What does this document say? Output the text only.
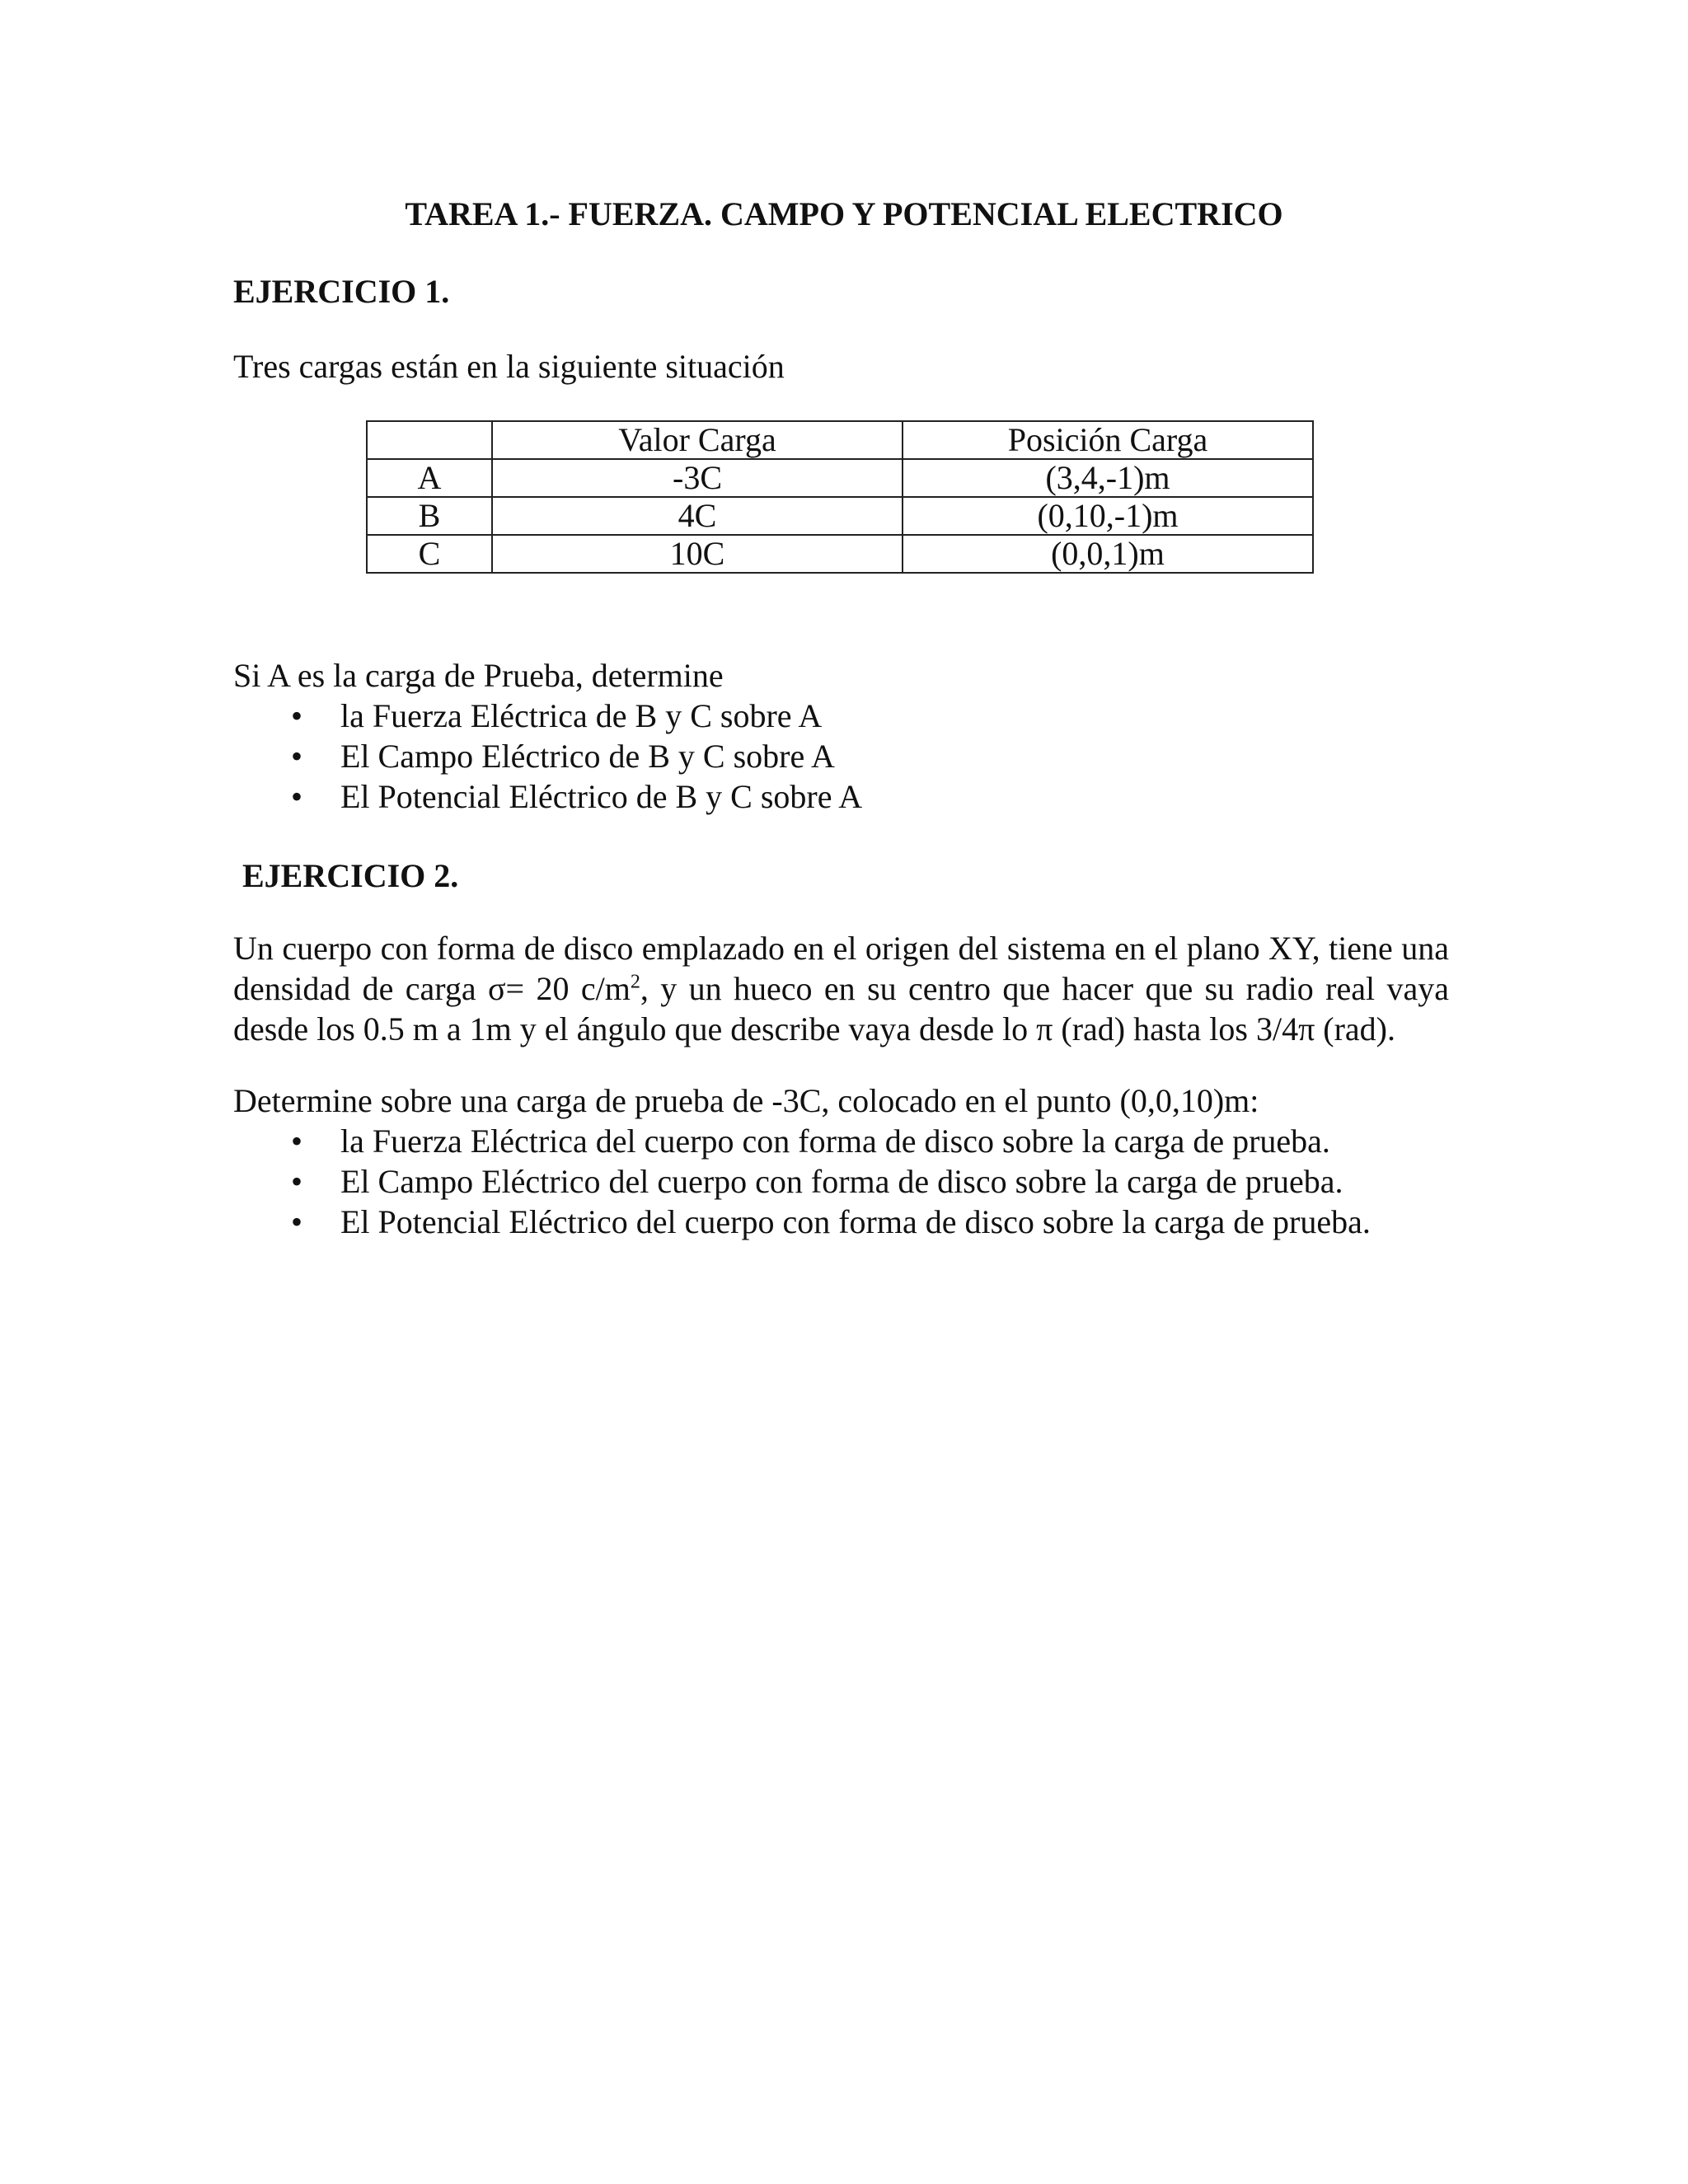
TAREA 1.- FUERZA. CAMPO Y POTENCIAL ELECTRICO
EJERCICIO 1.
Tres cargas están en la siguiente situación
	Valor Carga	Posición Carga
A	-3C	(3,4,-1)m
B	4C	(0,10,-1)m
C	10C	(0,0,1)m
Si A es la carga de Prueba, determine
• la Fuerza Eléctrica de B y C sobre A
• El Campo Eléctrico de B y C sobre A
• El Potencial Eléctrico de B y C sobre A
EJERCICIO 2.
Un cuerpo con forma de disco emplazado en el origen del sistema en el plano XY, tiene una
densidad de carga σ= 20 $c/m^2$, y un hueco en su centro que hacer que su radio real vaya
desde los 0.5 m a 1m y el ángulo que describe vaya desde lo π (rad) hasta los 3/4π (rad).
Determine sobre una carga de prueba de -3C, colocado en el punto (0,0,10)m:
• la Fuerza Eléctrica del cuerpo con forma de disco sobre la carga de prueba.
• El Campo Eléctrico del cuerpo con forma de disco sobre la carga de prueba.
• El Potencial Eléctrico del cuerpo con forma de disco sobre la carga de prueba.
